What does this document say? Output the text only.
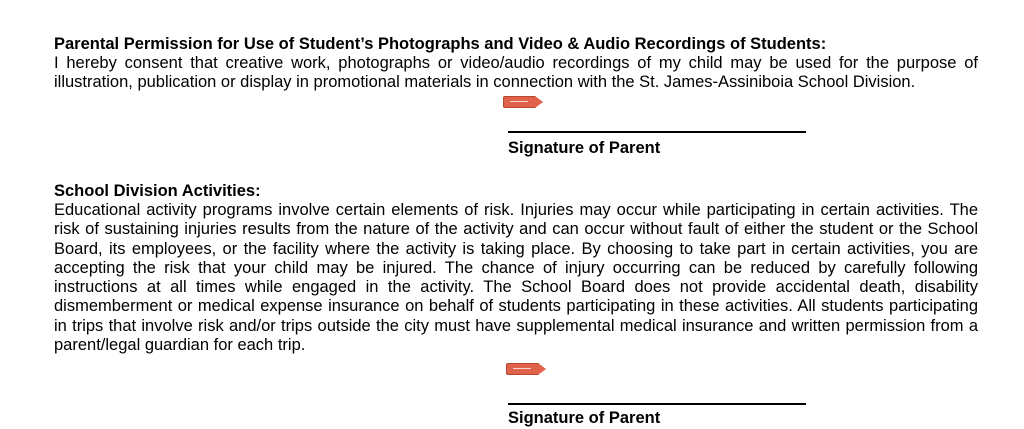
Parental Permission for Use of Student’s Photographs and Video & Audio Recordings of Students:

I hereby consent that creative work, photographs or video/audio recordings of my child may be used for the purpose of illustration, publication or display in promotional materials in connection with the St. James-Assiniboia School Division.

Signature of Parent

School Division Activities:

Educational activity programs involve certain elements of risk. Injuries may occur while participating in certain activities. The risk of sustaining injuries results from the nature of the activity and can occur without fault of either the student or the School Board, its employees, or the facility where the activity is taking place. By choosing to take part in certain activities, you are accepting the risk that your child may be injured. The chance of injury occurring can be reduced by carefully following instructions at all times while engaged in the activity. The School Board does not provide accidental death, disability dismemberment or medical expense insurance on behalf of students participating in these activities. All students participating in trips that involve risk and/or trips outside the city must have supplemental medical insurance and written permission from a parent/legal guardian for each trip.

Signature of Parent
